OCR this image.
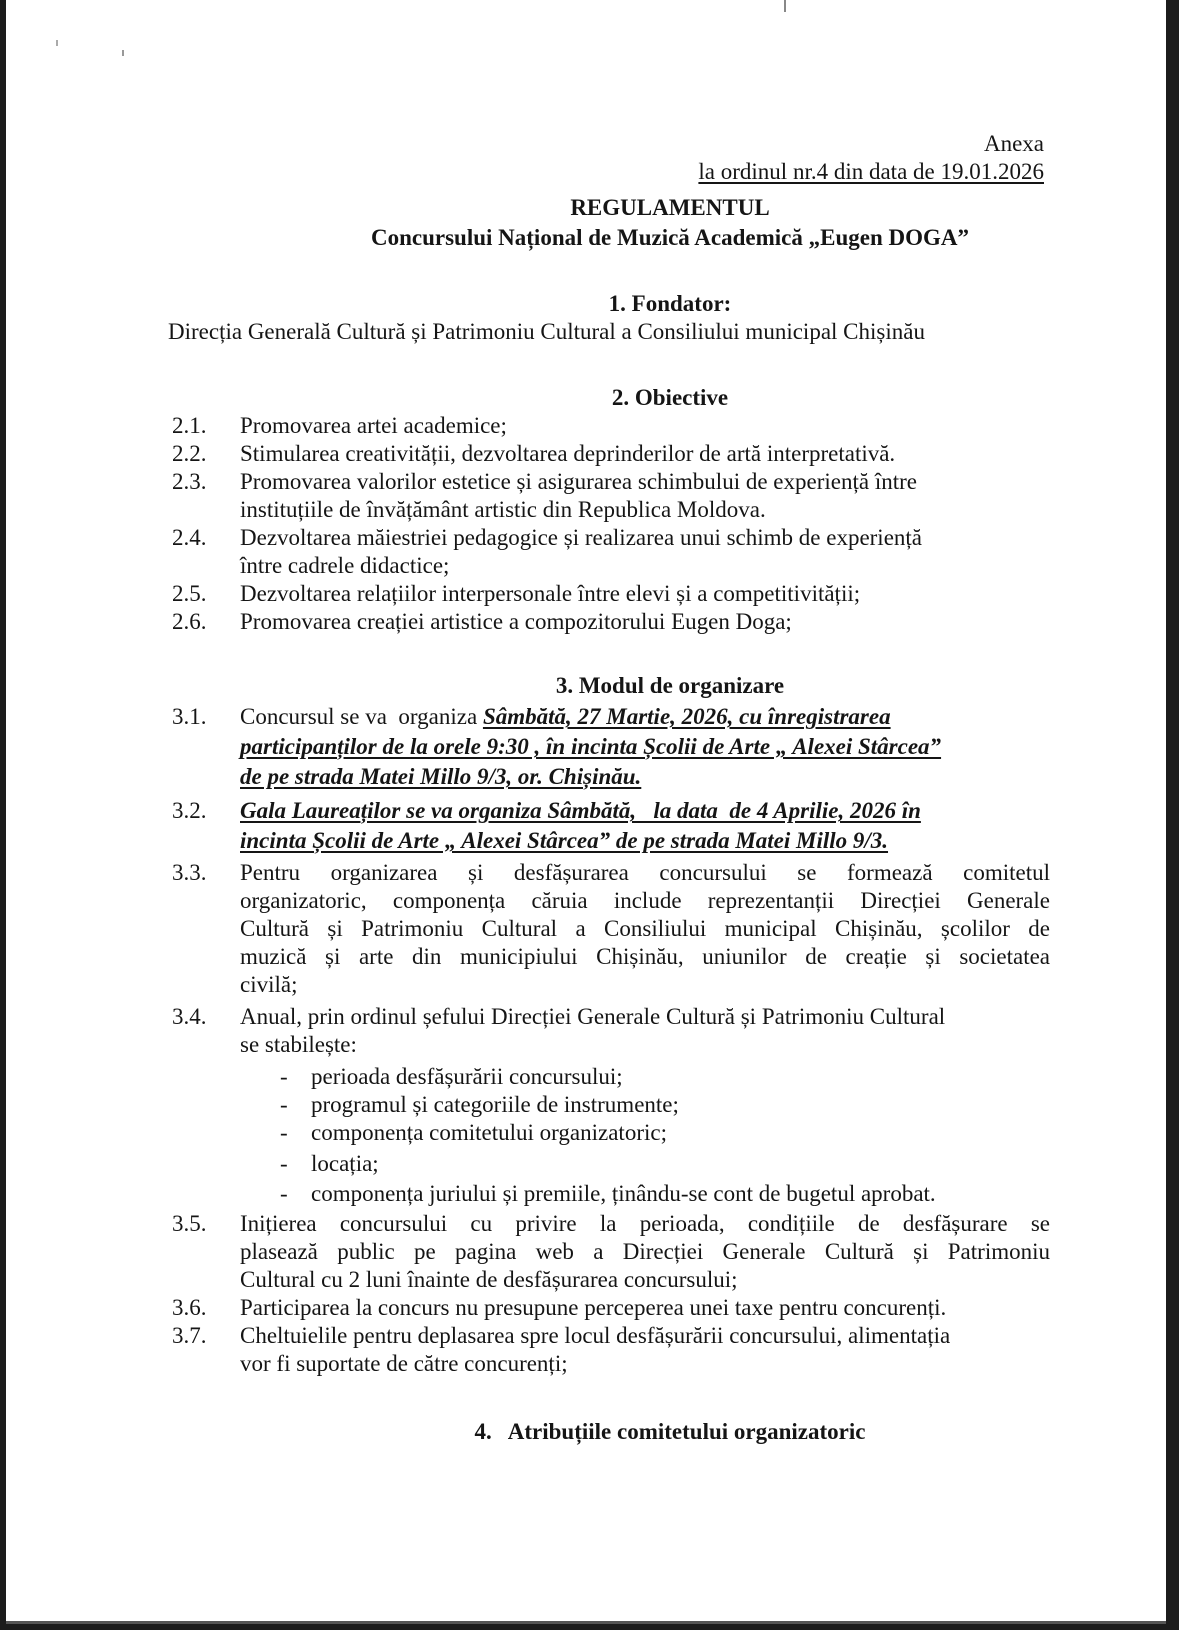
Anexa
la ordinul nr.4 din data de 19.01.2026
REGULAMENTUL
Concursului Național de Muzică Academică „Eugen DOGA”
1. Fondator:
Direcția Generală Cultură și Patrimoniu Cultural a Consiliului municipal Chișinău
2. Obiective
2.1. Promovarea artei academice;
2.2. Stimularea creativității, dezvoltarea deprinderilor de artă interpretativă.
2.3. Promovarea valorilor estetice și asigurarea schimbului de experiență între
instituțiile de învățământ artistic din Republica Moldova.
2.4. Dezvoltarea măiestriei pedagogice și realizarea unui schimb de experiență
între cadrele didactice;
2.5. Dezvoltarea relațiilor interpersonale între elevi și a competitivității;
2.6. Promovarea creației artistice a compozitorului Eugen Doga;
3. Modul de organizare
3.1. Concursul se va  organiza Sâmbătă, 27 Martie, 2026, cu înregistrarea
participanților de la orele 9:30 , în incinta Școlii de Arte „ Alexei Stârcea”
de pe strada Matei Millo 9/3, or. Chișinău.
3.2. Gala Laureaților se va organiza Sâmbătă,   la data  de 4 Aprilie, 2026 în
incinta Școlii de Arte „ Alexei Stârcea” de pe strada Matei Millo 9/3.
3.3. Pentru organizarea și desfășurarea concursului se formează comitetul
organizatoric, componența căruia include reprezentanții Direcției Generale
Cultură și Patrimoniu Cultural a Consiliului municipal Chișinău, școlilor de
muzică și arte din municipiului Chișinău, uniunilor de creație și societatea
civilă;
3.4. Anual, prin ordinul șefului Direcției Generale Cultură și Patrimoniu Cultural
se stabilește:
- perioada desfășurării concursului;
- programul și categoriile de instrumente;
- componența comitetului organizatoric;
- locația;
- componența juriului și premiile, ținându-se cont de bugetul aprobat.
3.5. Inițierea concursului cu privire la perioada, condițiile de desfășurare se
plasează public pe pagina web a Direcției Generale Cultură și Patrimoniu
Cultural cu 2 luni înainte de desfășurarea concursului;
3.6. Participarea la concurs nu presupune perceperea unei taxe pentru concurenți.
3.7. Cheltuielile pentru deplasarea spre locul desfășurării concursului, alimentația
vor fi suportate de către concurenți;
4.   Atribuțiile comitetului organizatoric
